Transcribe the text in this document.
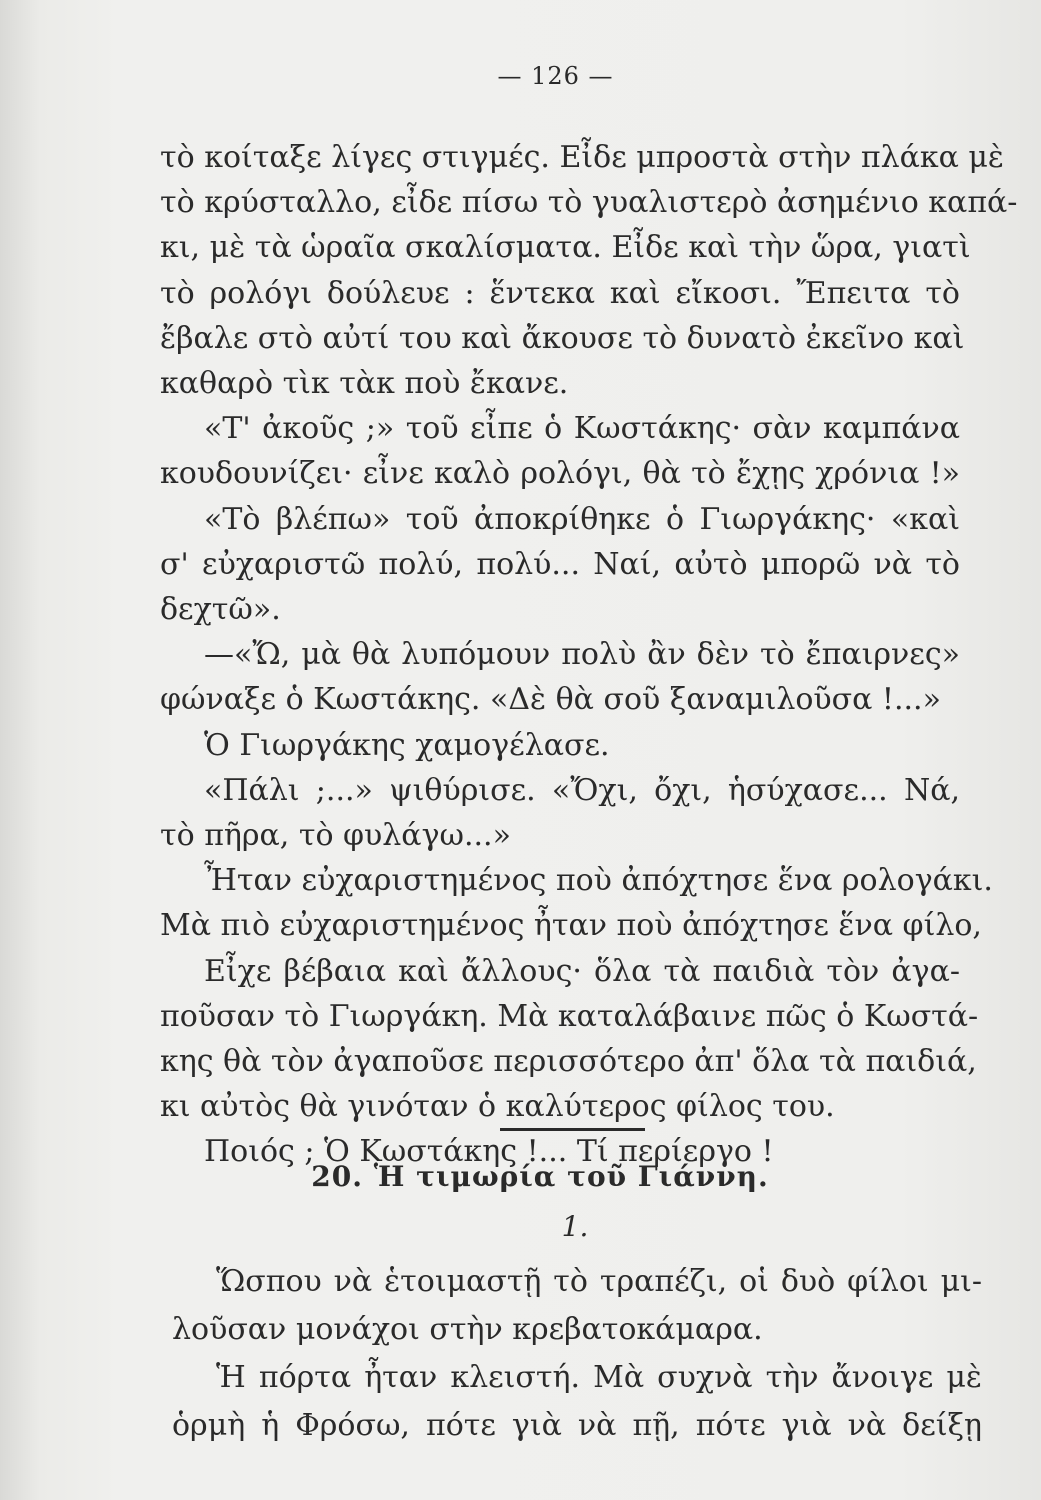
— 126 —
τὸ κοίταξε λίγες στιγμές. Εἶδε μπροστὰ στὴν πλάκα μὲ
τὸ κρύσταλλο, εἶδε πίσω τὸ γυαλιστερὸ ἀσημένιο καπά-
κι, μὲ τὰ ὡραῖα σκαλίσματα. Εἶδε καὶ τὴν ὥρα, γιατὶ
τὸ ρολόγι δούλευε : ἕντεκα καὶ εἴκοσι. Ἔπειτα τὸ
ἔβαλε στὸ αὐτί του καὶ ἄκουσε τὸ δυνατὸ ἐκεῖνο καὶ
καθαρὸ τὶκ τὰκ ποὺ ἔκανε.
«Τ' ἀκοῦς ;» τοῦ εἶπε ὁ Κωστάκης· σὰν καμπάνα
κουδουνίζει· εἶνε καλὸ ρολόγι, θὰ τὸ ἔχῃς χρόνια !»
«Τὸ βλέπω» τοῦ ἀποκρίθηκε ὁ Γιωργάκης· «καὶ
σ' εὐχαριστῶ πολύ, πολύ... Ναί, αὐτὸ μπορῶ νὰ τὸ
δεχτῶ».
—«Ὤ, μὰ θὰ λυπόμουν πολὺ ἂν δὲν τὸ ἔπαιρνες»
φώναξε ὁ Κωστάκης. «Δὲ θὰ σοῦ ξαναμιλοῦσα !...»
Ὁ Γιωργάκης χαμογέλασε.
«Πάλι ;...» ψιθύρισε. «Ὄχι, ὄχι, ἡσύχασε... Νά,
τὸ πῆρα, τὸ φυλάγω...»
Ἦταν εὐχαριστημένος ποὺ ἀπόχτησε ἕνα ρολογάκι.
Μὰ πιὸ εὐχαριστημένος ἦταν ποὺ ἀπόχτησε ἕνα φίλο,
Εἶχε βέβαια καὶ ἄλλους· ὅλα τὰ παιδιὰ τὸν ἀγα-
ποῦσαν τὸ Γιωργάκη. Μὰ καταλάβαινε πῶς ὁ Κωστά-
κης θὰ τὸν ἀγαποῦσε περισσότερο ἀπ' ὅλα τὰ παιδιά,
κι αὐτὸς θὰ γινόταν ὁ καλύτερος φίλος του.
Ποιός ; Ὁ Κωστάκης !... Τί περίεργο !
20. Ἡ τιμωρία τοῦ Γιάννη.
1.
Ὥσπου νὰ ἑτοιμαστῇ τὸ τραπέζι, οἱ δυὸ φίλοι μι-
λοῦσαν μονάχοι στὴν κρεβατοκάμαρα.
Ἡ πόρτα ἦταν κλειστή. Μὰ συχνὰ τὴν ἄνοιγε μὲ
ὁρμὴ ἡ Φρόσω, πότε γιὰ νὰ πῇ, πότε γιὰ νὰ δείξῃ
